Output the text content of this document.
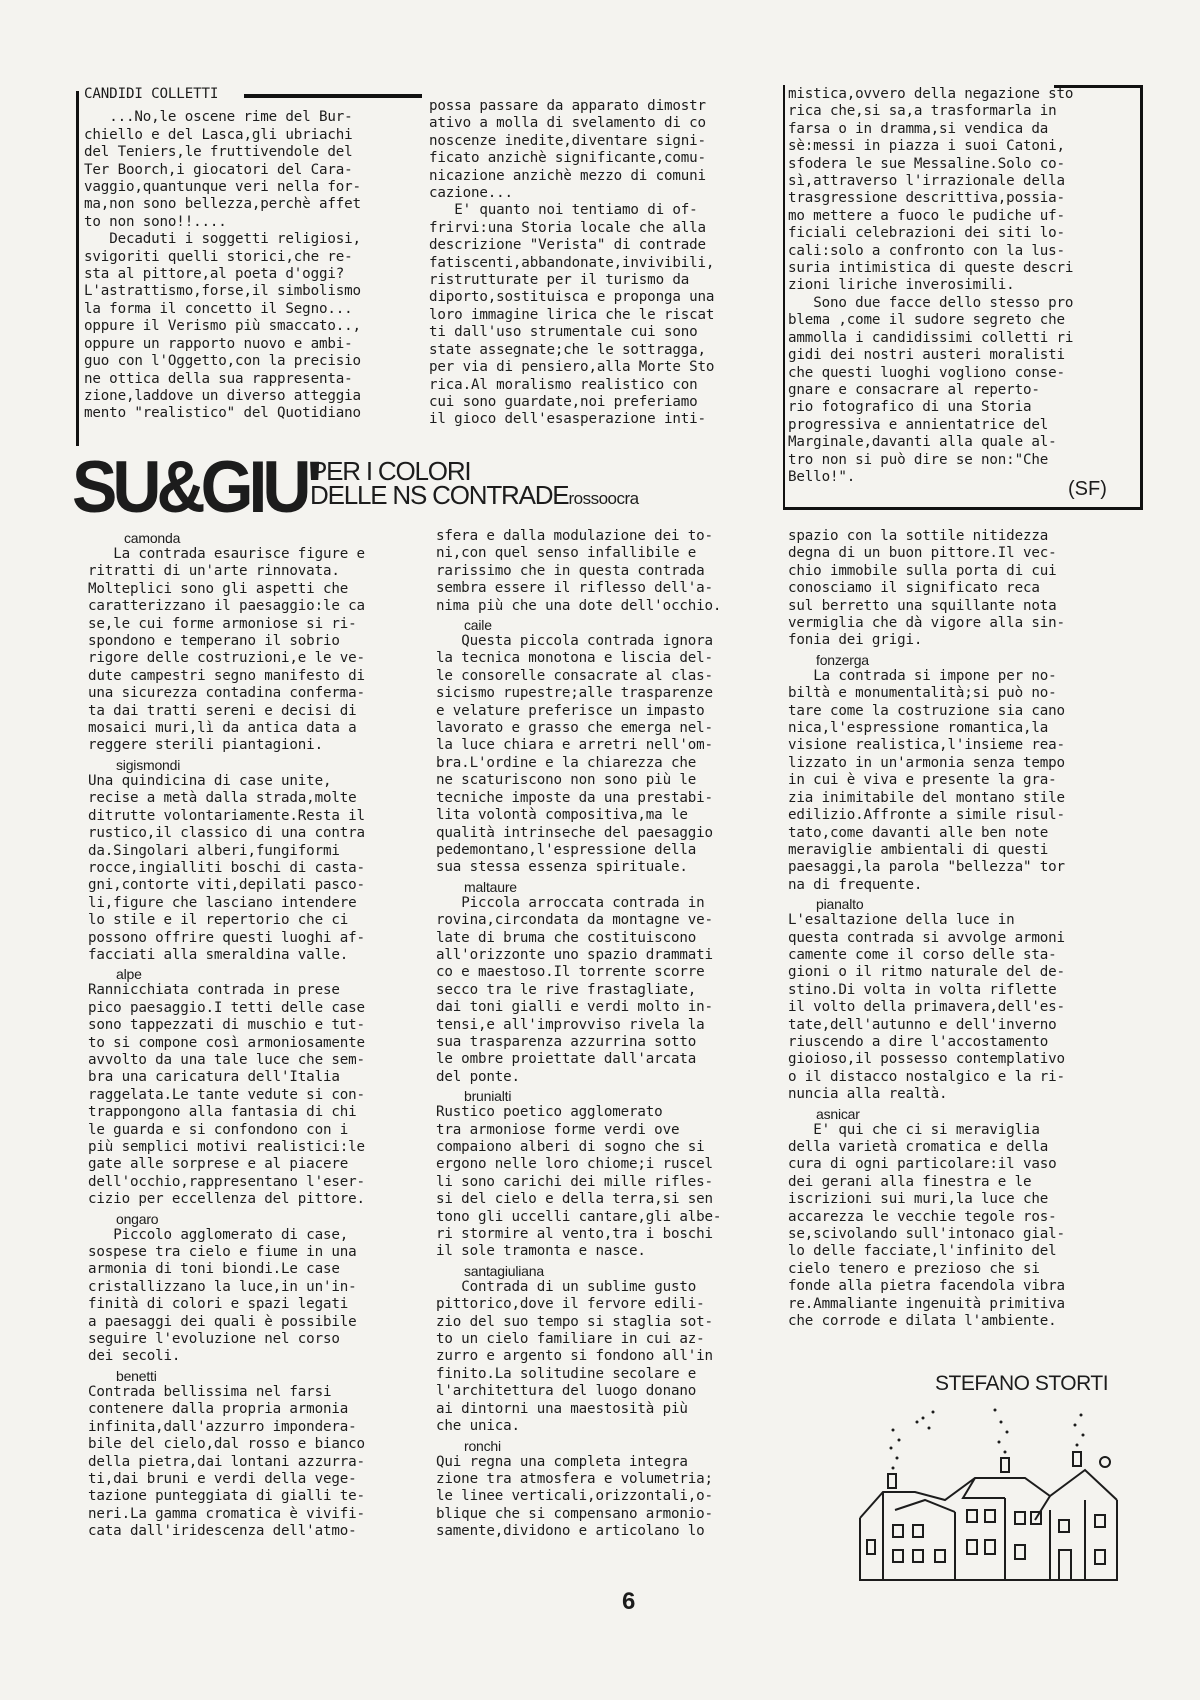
CANDIDI COLLETTI
...No,le oscene rime del Bur-
chiello e del Lasca,gli ubriachi
del Teniers,le fruttivendole del
Ter Boorch,i giocatori del Cara-
vaggio,quantunque veri nella for-
ma,non sono bellezza,perchè affet
to non sono!!....
Decaduti i soggetti religiosi,
svigoriti quelli storici,che re-
sta al pittore,al poeta d'oggi?
L'astrattismo,forse,il simbolismo
la forma il concetto il Segno...
oppure il Verismo più smaccato..,
oppure un rapporto nuovo e ambi-
guo con l'Oggetto,con la precisio
ne ottica della sua rappresenta-
zione,laddove un diverso atteggia
mento "realistico" del Quotidiano
possa passare da apparato dimostr
ativo a molla di svelamento di co
noscenze inedite,diventare signi-
ficato anzichè significante,comu-
nicazione anzichè mezzo di comuni
cazione...
E' quanto noi tentiamo di of-
frirvi:una Storia locale che alla
descrizione "Verista" di contrade
fatiscenti,abbandonate,invivibili,
ristrutturate per il turismo da
diporto,sostituisca e proponga una
loro immagine lirica che le riscat
ti dall'uso strumentale cui sono
state assegnate;che le sottragga,
per via di pensiero,alla Morte Sto
rica.Al moralismo realistico con
cui sono guardate,noi preferiamo
il gioco dell'esasperazione inti-
mistica,ovvero della negazione sto
rica che,si sa,a trasformarla in
farsa o in dramma,si vendica da
sè:messi in piazza i suoi Catoni,
sfodera le sue Messaline.Solo co-
sì,attraverso l'irrazionale della
trasgressione descrittiva,possia-
mo mettere a fuoco le pudiche uf-
ficiali celebrazioni dei siti lo-
cali:solo a confronto con la lus-
suria intimistica di queste descri
zioni liriche inverosimili.
Sono due facce dello stesso pro
blema ,come il sudore segreto che
ammolla i candidissimi colletti ri
gidi dei nostri austeri moralisti
che questi luoghi vogliono conse-
gnare e consacrare al reperto-
rio fotografico di una Storia
progressiva e annientatrice del
Marginale,davanti alla quale al-
tro non si può dire se non:"Che
Bello!".
(SF)
SU&GIU'
PER I COLORI
DELLE NS CONTRADErossoocra
camonda
La contrada esaurisce figure e
ritratti di un'arte rinnovata.
Molteplici sono gli aspetti che
caratterizzano il paesaggio:le ca
se,le cui forme armoniose si ri-
spondono e temperano il sobrio
rigore delle costruzioni,e le ve-
dute campestri segno manifesto di
una sicurezza contadina conferma-
ta dai tratti sereni e decisi di
mosaici muri,lì da antica data a
reggere sterili piantagioni.
sigismondi
Una quindicina di case unite,
recise a metà dalla strada,molte
ditrutte volontariamente.Resta il
rustico,il classico di una contra
da.Singolari alberi,fungiformi
rocce,ingialliti boschi di casta-
gni,contorte viti,depilati pasco-
li,figure che lasciano intendere
lo stile e il repertorio che ci
possono offrire questi luoghi af-
facciati alla smeraldina valle.
alpe
Rannicchiata contrada in prese
pico paesaggio.I tetti delle case
sono tappezzati di muschio e tut-
to si compone così armoniosamente
avvolto da una tale luce che sem-
bra una caricatura dell'Italia
raggelata.Le tante vedute si con-
trappongono alla fantasia di chi
le guarda e si confondono con i
più semplici motivi realistici:le
gate alle sorprese e al piacere
dell'occhio,rappresentano l'eser-
cizio per eccellenza del pittore.
ongaro
Piccolo agglomerato di case,
sospese tra cielo e fiume in una
armonia di toni biondi.Le case
cristallizzano la luce,in un'in-
finità di colori e spazi legati
a paesaggi dei quali è possibile
seguire l'evoluzione nel corso
dei secoli.
benetti
Contrada bellissima nel farsi
contenere dalla propria armonia
infinita,dall'azzurro impondera-
bile del cielo,dal rosso e bianco
della pietra,dai lontani azzurra-
ti,dai bruni e verdi della vege-
tazione punteggiata di gialli te-
neri.La gamma cromatica è vivifi-
cata dall'iridescenza dell'atmo-
sfera e dalla modulazione dei to-
ni,con quel senso infallibile e
rarissimo che in questa contrada
sembra essere il riflesso dell'a-
nima più che una dote dell'occhio.
caile
Questa piccola contrada ignora
la tecnica monotona e liscia del-
le consorelle consacrate al clas-
sicismo rupestre;alle trasparenze
e velature preferisce un impasto
lavorato e grasso che emerga nel-
la luce chiara e arretri nell'om-
bra.L'ordine e la chiarezza che
ne scaturiscono non sono più le
tecniche imposte da una prestabi-
lita volontà compositiva,ma le
qualità intrinseche del paesaggio
pedemontano,l'espressione della
sua stessa essenza spirituale.
maltaure
Piccola arroccata contrada in
rovina,circondata da montagne ve-
late di bruma che costituiscono
all'orizzonte uno spazio drammati
co e maestoso.Il torrente scorre
secco tra le rive frastagliate,
dai toni gialli e verdi molto in-
tensi,e all'improvviso rivela la
sua trasparenza azzurrina sotto
le ombre proiettate dall'arcata
del ponte.
brunialti
Rustico poetico agglomerato
tra armoniose forme verdi ove
compaiono alberi di sogno che si
ergono nelle loro chiome;i ruscel
li sono carichi dei mille rifles-
si del cielo e della terra,si sen
tono gli uccelli cantare,gli albe-
ri stormire al vento,tra i boschi
il sole tramonta e nasce.
santagiuliana
Contrada di un sublime gusto
pittorico,dove il fervore edili-
zio del suo tempo si staglia sot-
to un cielo familiare in cui az-
zurro e argento si fondono all'in
finito.La solitudine secolare e
l'architettura del luogo donano
ai dintorni una maestosità più
che unica.
ronchi
Qui regna una completa integra
zione tra atmosfera e volumetria;
le linee verticali,orizzontali,o-
blique che si compensano armonio-
samente,dividono e articolano lo
spazio con la sottile nitidezza
degna di un buon pittore.Il vec-
chio immobile sulla porta di cui
conosciamo il significato reca
sul berretto una squillante nota
vermiglia che dà vigore alla sin-
fonia dei grigi.
fonzerga
La contrada si impone per no-
biltà e monumentalità;si può no-
tare come la costruzione sia cano
nica,l'espressione romantica,la
visione realistica,l'insieme rea-
lizzato in un'armonia senza tempo
in cui è viva e presente la gra-
zia inimitabile del montano stile
edilizio.Affronte a simile risul-
tato,come davanti alle ben note
meraviglie ambientali di questi
paesaggi,la parola "bellezza" tor
na di frequente.
pianalto
L'esaltazione della luce in
questa contrada si avvolge armoni
camente come il corso delle sta-
gioni o il ritmo naturale del de-
stino.Di volta in volta riflette
il volto della primavera,dell'es-
tate,dell'autunno e dell'inverno
riuscendo a dire l'accostamento
gioioso,il possesso contemplativo
o il distacco nostalgico e la ri-
nuncia alla realtà.
asnicar
E' qui che ci si meraviglia
della varietà cromatica e della
cura di ogni particolare:il vaso
dei gerani alla finestra e le
iscrizioni sui muri,la luce che
accarezza le vecchie tegole ros-
se,scivolando sull'intonaco gial-
lo delle facciate,l'infinito del
cielo tenero e prezioso che si
fonde alla pietra facendola vibra
re.Ammaliante ingenuità primitiva
che corrode e dilata l'ambiente.
STEFANO STORTI
6
